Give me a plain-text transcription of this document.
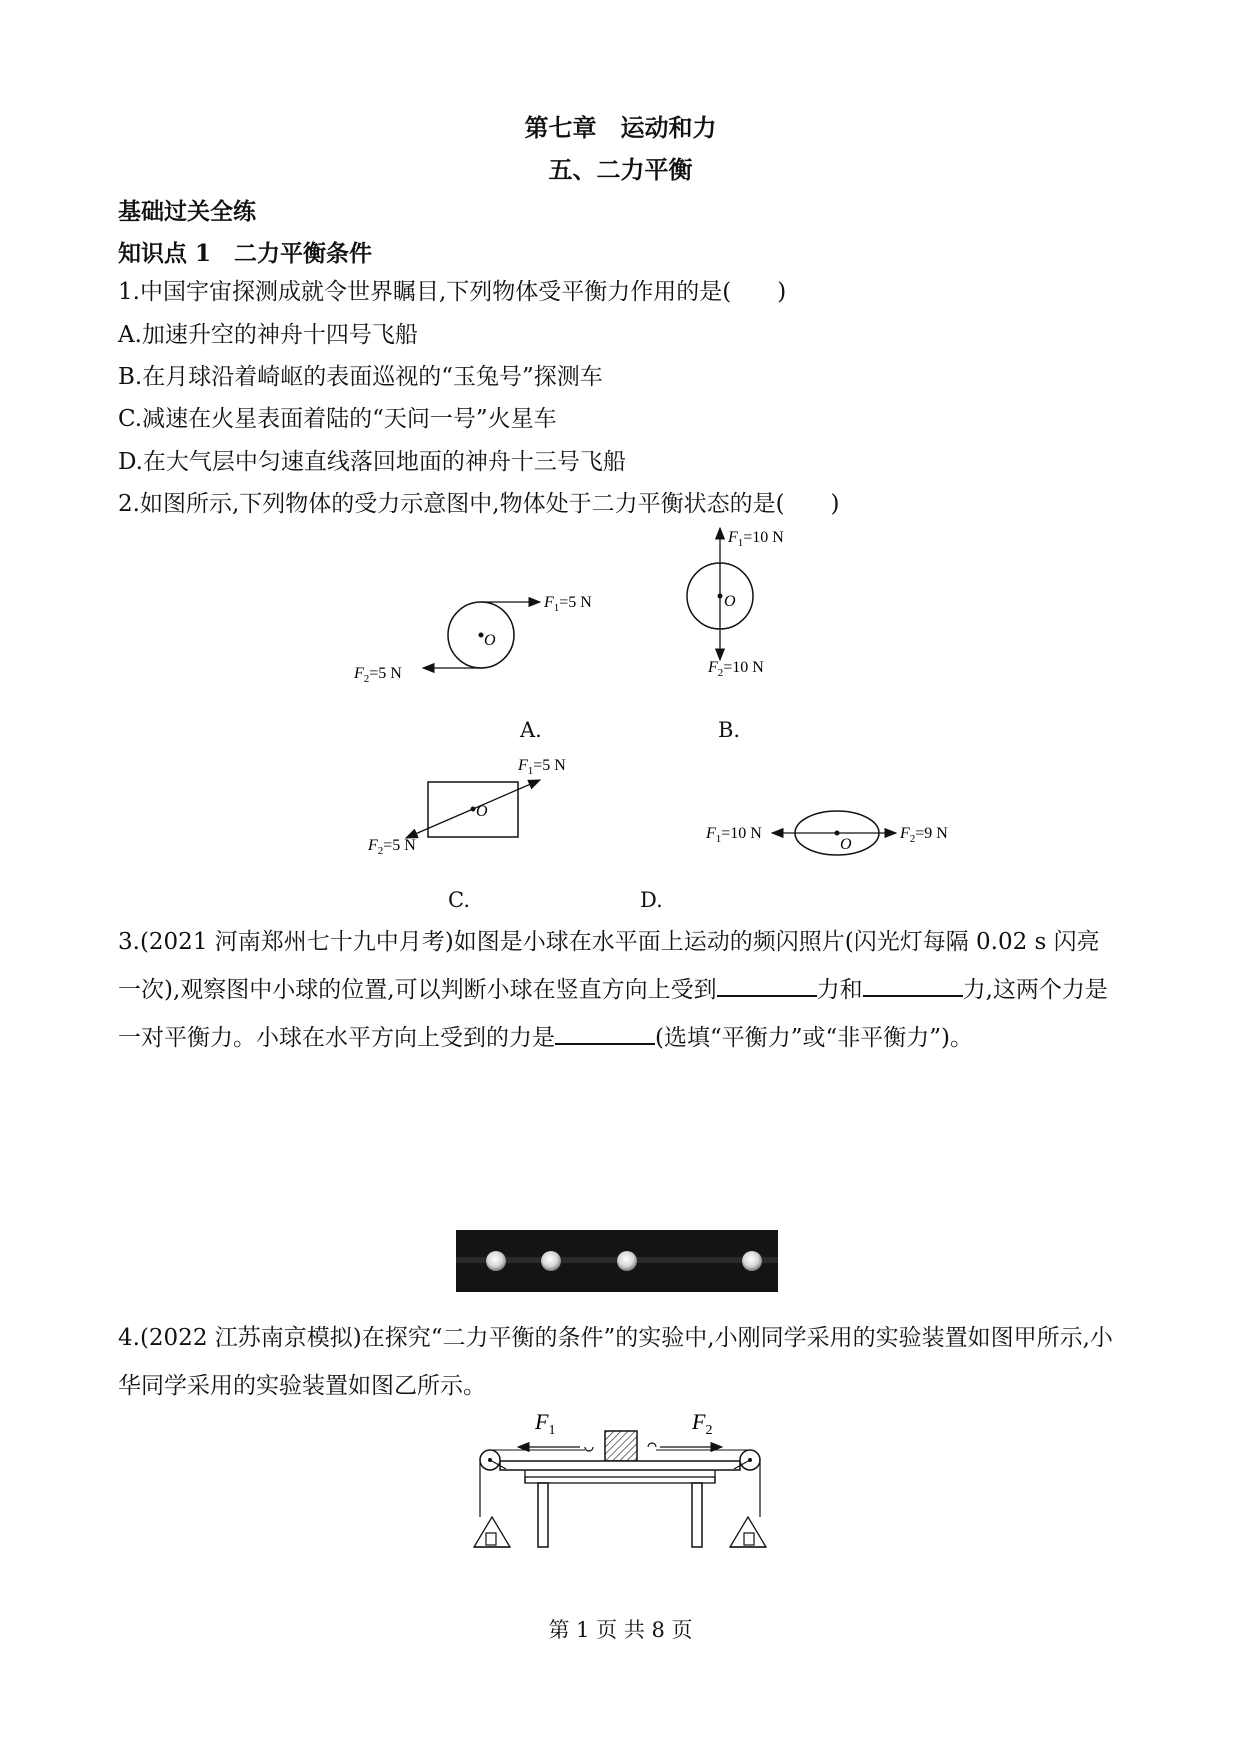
第七章　运动和力
五、二力平衡
基础过关全练
知识点 1　二力平衡条件
1.中国宇宙探测成就令世界瞩目,下列物体受平衡力作用的是(　　)
A.加速升空的神舟十四号飞船
B.在月球沿着崎岖的表面巡视的“玉兔号”探测车
C.减速在火星表面着陆的“天问一号”火星车
D.在大气层中匀速直线落回地面的神舟十三号飞船
2.如图所示,下列物体的受力示意图中,物体处于二力平衡状态的是(　　)
O
$F_1=5$ N
$F_2=5$ N
O
$F_1=10$ N
$F_2=10$ N
A.	B.
O
$F_1=5$ N
$F_2=5$ N	O
$F_1=10$ N	$F_2=9$ N
C.	D.
3.(2021 河南郑州七十九中月考)如图是小球在水平面上运动的频闪照片(闪光灯每隔 0.02 s 闪亮一次),观察图中小球的位置,可以判断小球在竖直方向上受到	力和	力,这两个力是一对平衡力。小球在水平方向上受到的力是	(选填“平衡力”或“非平衡力”)。
4.(2022 江苏南京模拟)在探究“二力平衡的条件”的实验中,小刚同学采用的实验装置如图甲所示,小华同学采用的实验装置如图乙所示。
$F_1$	$F_2$
第 1 页 共 8 页
